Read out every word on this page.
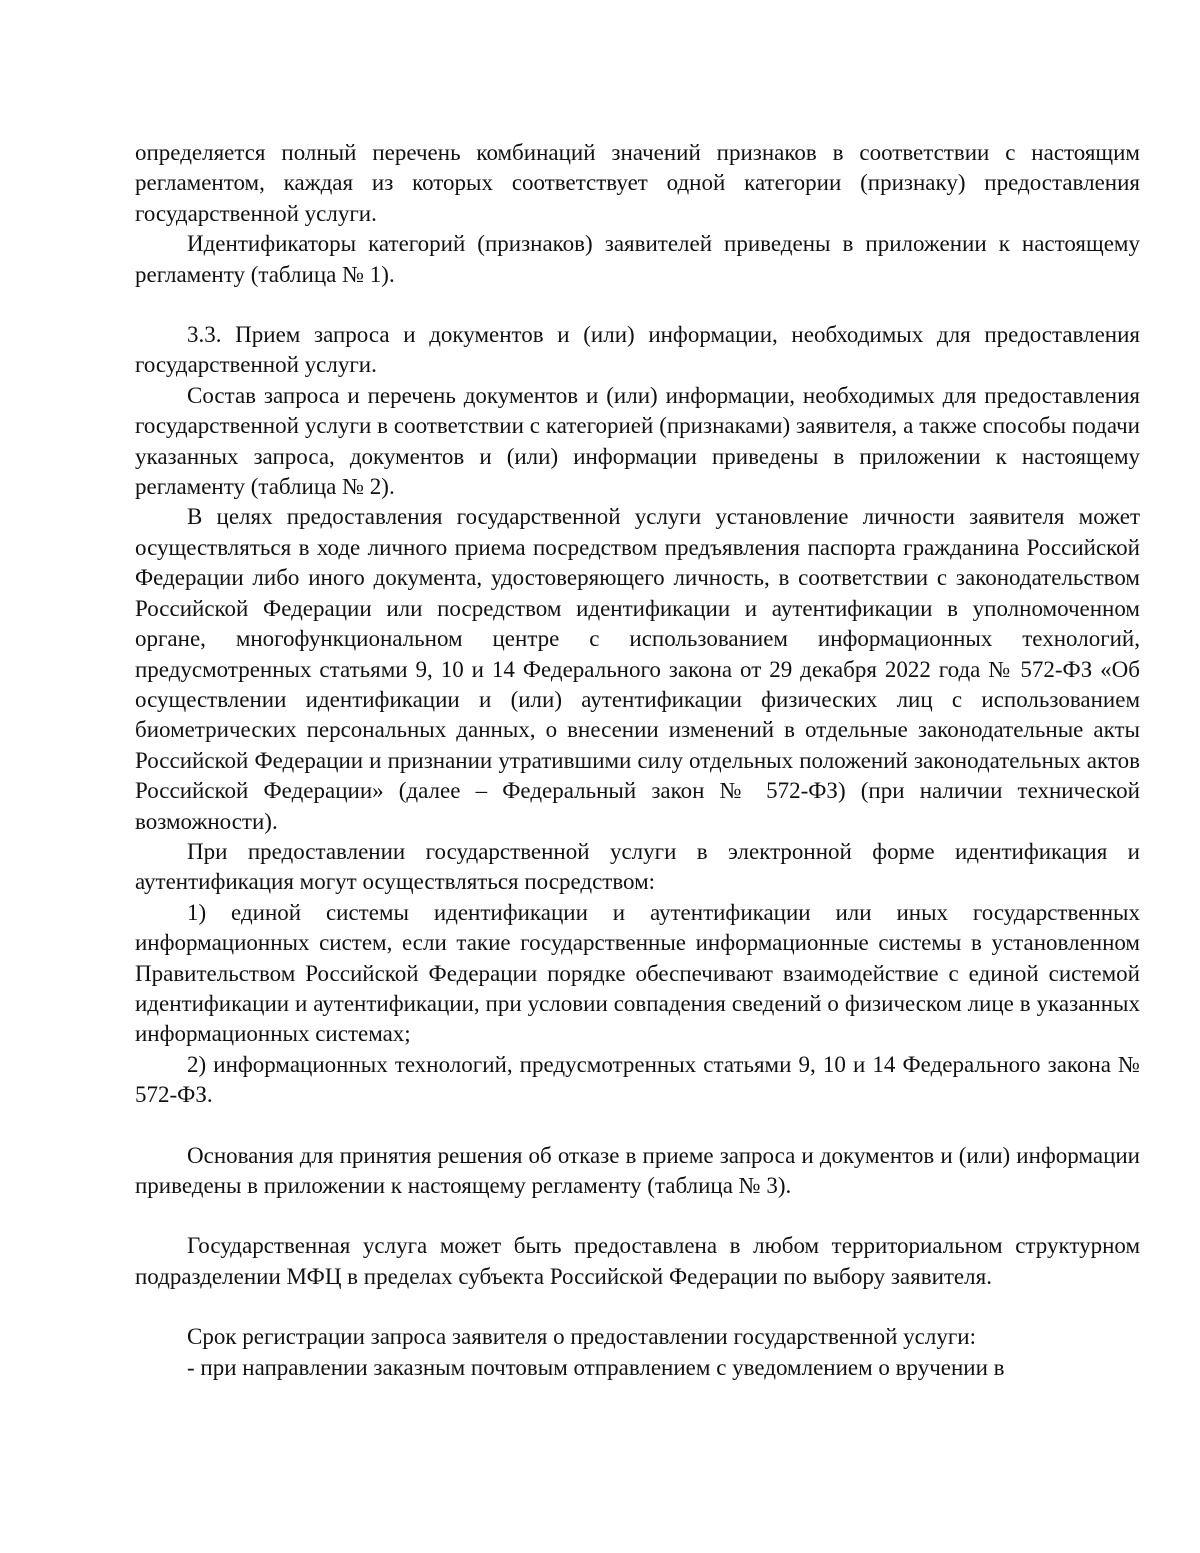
определяется полный перечень комбинаций значений признаков в соответствии с настоящим регламентом, каждая из которых соответствует одной категории (признаку) предоставления государственной услуги.

Идентификаторы категорий (признаков) заявителей приведены в приложении к настоящему регламенту (таблица № 1).

3.3. Прием запроса и документов и (или) информации, необходимых для предоставления государственной услуги.

Состав запроса и перечень документов и (или) информации, необходимых для предоставления государственной услуги в соответствии с категорией (признаками) заявителя, а также способы подачи указанных запроса, документов и (или) информации приведены в приложении к настоящему регламенту (таблица № 2).

В целях предоставления государственной услуги установление личности заявителя может осуществляться в ходе личного приема посредством предъявления паспорта гражданина Российской Федерации либо иного документа, удостоверяющего личность, в соответствии с законодательством Российской Федерации или посредством идентификации и аутентификации в уполномоченном органе, многофункциональном центре с использованием информационных технологий, предусмотренных статьями 9, 10 и 14 Федерального закона от 29 декабря 2022 года № 572-ФЗ «Об осуществлении идентификации и (или) аутентификации физических лиц с использованием биометрических персональных данных, о внесении изменений в отдельные законодательные акты Российской Федерации и признании утратившими силу отдельных положений законодательных актов Российской Федерации» (далее – Федеральный закон № 572-ФЗ) (при наличии технической возможности).

При предоставлении государственной услуги в электронной форме идентификация и аутентификация могут осуществляться посредством:

1) единой системы идентификации и аутентификации или иных государственных информационных систем, если такие государственные информационные системы в установленном Правительством Российской Федерации порядке обеспечивают взаимодействие с единой системой идентификации и аутентификации, при условии совпадения сведений о физическом лице в указанных информационных системах;

2) информационных технологий, предусмотренных статьями 9, 10 и 14 Федерального закона № 572-ФЗ.

Основания для принятия решения об отказе в приеме запроса и документов и (или) информации приведены в приложении к настоящему регламенту (таблица № 3).

Государственная услуга может быть предоставлена в любом территориальном структурном подразделении МФЦ в пределах субъекта Российской Федерации по выбору заявителя.

Срок регистрации запроса заявителя о предоставлении государственной услуги:

- при направлении заказным почтовым отправлением с уведомлением о вручении в
